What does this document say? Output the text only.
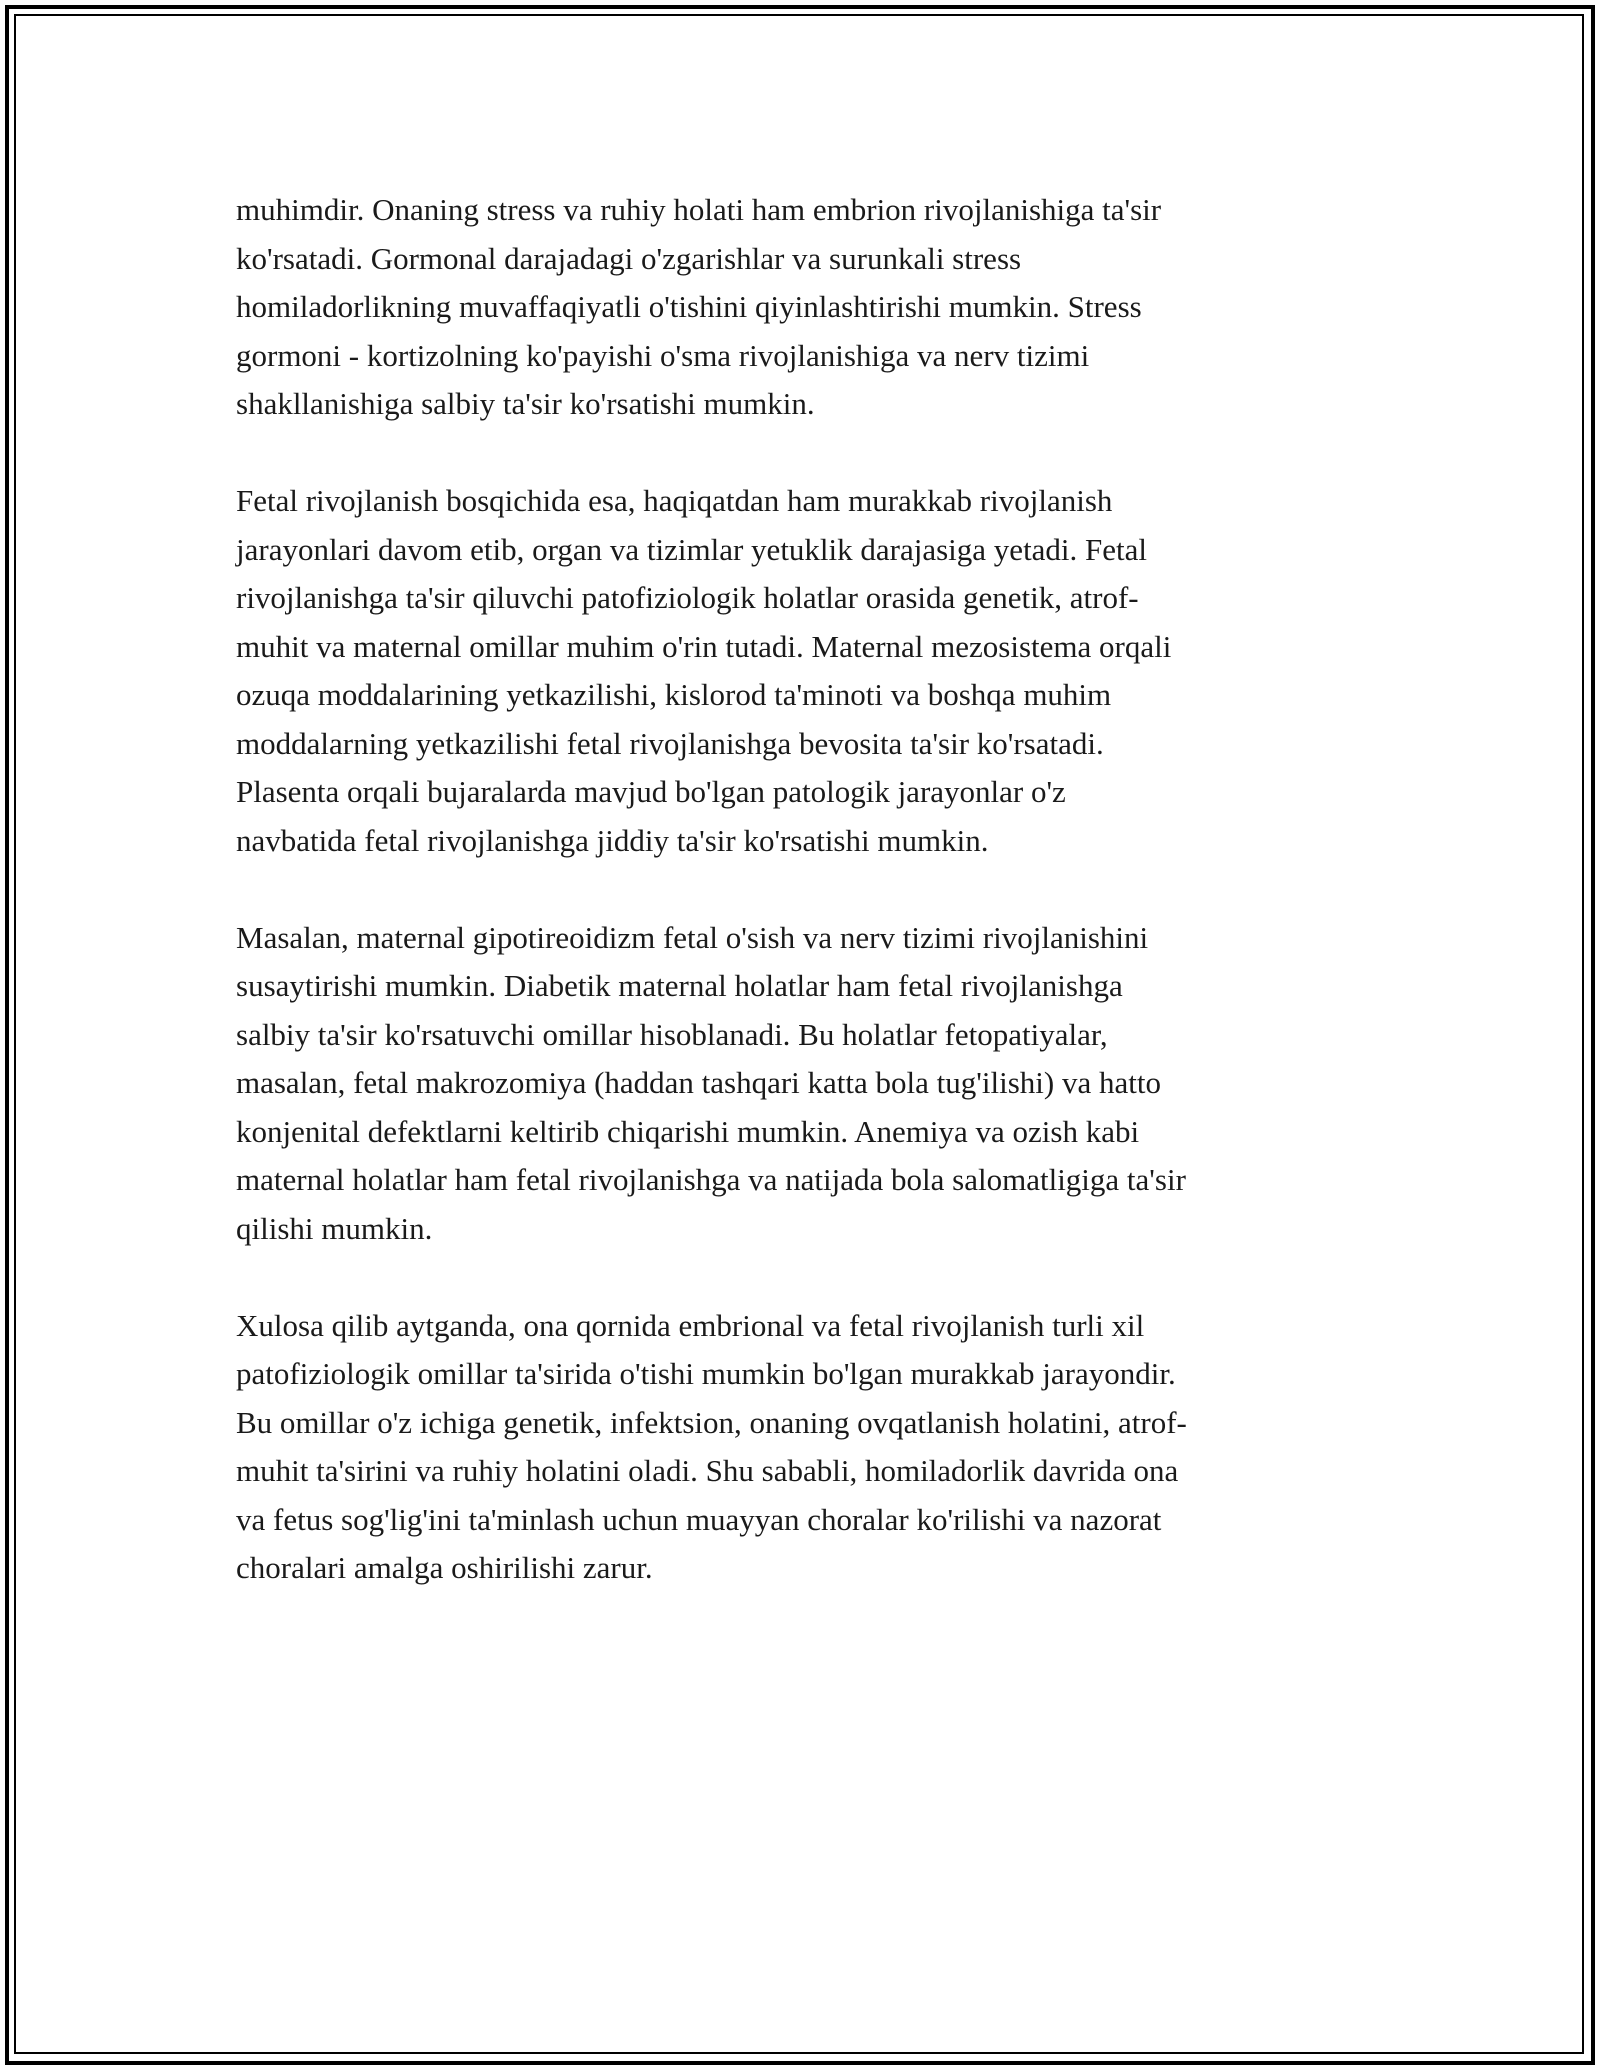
muhimdir. Onaning stress va ruhiy holati ham embrion rivojlanishiga ta'sir
ko'rsatadi. Gormonal darajadagi o'zgarishlar va surunkali stress
homiladorlikning muvaffaqiyatli o'tishini qiyinlashtirishi mumkin. Stress
gormoni - kortizolning ko'payishi o'sma rivojlanishiga va nerv tizimi
shakllanishiga salbiy ta'sir ko'rsatishi mumkin.

Fetal rivojlanish bosqichida esa, haqiqatdan ham murakkab rivojlanish
jarayonlari davom etib, organ va tizimlar yetuklik darajasiga yetadi. Fetal
rivojlanishga ta'sir qiluvchi patofiziologik holatlar orasida genetik, atrof-
muhit va maternal omillar muhim o'rin tutadi. Maternal mezosistema orqali
ozuqa moddalarining yetkazilishi, kislorod ta'minoti va boshqa muhim
moddalarning yetkazilishi fetal rivojlanishga bevosita ta'sir ko'rsatadi.
Plasenta orqali bujaralarda mavjud bo'lgan patologik jarayonlar o'z
navbatida fetal rivojlanishga jiddiy ta'sir ko'rsatishi mumkin.

Masalan, maternal gipotireoidizm fetal o'sish va nerv tizimi rivojlanishini
susaytirishi mumkin. Diabetik maternal holatlar ham fetal rivojlanishga
salbiy ta'sir ko'rsatuvchi omillar hisoblanadi. Bu holatlar fetopatiyalar,
masalan, fetal makrozomiya (haddan tashqari katta bola tug'ilishi) va hatto
konjenital defektlarni keltirib chiqarishi mumkin. Anemiya va ozish kabi
maternal holatlar ham fetal rivojlanishga va natijada bola salomatligiga ta'sir
qilishi mumkin.

Xulosa qilib aytganda, ona qornida embrional va fetal rivojlanish turli xil
patofiziologik omillar ta'sirida o'tishi mumkin bo'lgan murakkab jarayondir.
Bu omillar o'z ichiga genetik, infektsion, onaning ovqatlanish holatini, atrof-
muhit ta'sirini va ruhiy holatini oladi. Shu sababli, homiladorlik davrida ona
va fetus sog'lig'ini ta'minlash uchun muayyan choralar ko'rilishi va nazorat
choralari amalga oshirilishi zarur.
